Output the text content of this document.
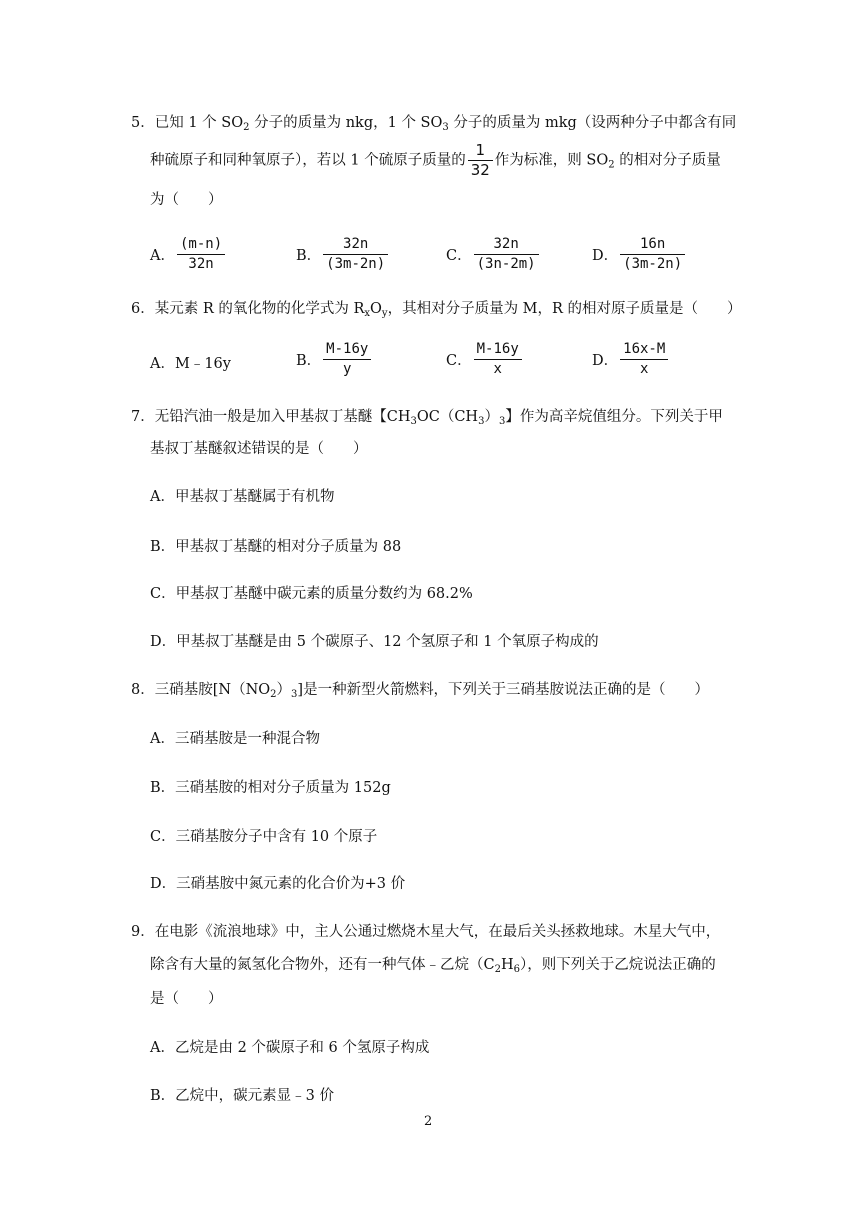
5．已知 1 个 $SO_2$ 分子的质量为 nkg，1 个 $SO_3$ 分子的质量为 mkg（设两种分子中都含有同
种硫原子和同种氧原子），若以 1 个硫原子质量的 $\frac{1}{32}$ 作为标准，则 $SO_2$ 的相对分子质量
为（　　）
A． $\frac{(m-n)}{32n}$	B． $\frac{32n}{(3m-2n)}$	C． $\frac{32n}{(3n-2m)}$	D． $\frac{16n}{(3m-2n)}$
6．某元素 R 的氧化物的化学式为 $R_xO_y$，其相对分子质量为 M，R 的相对原子质量是（　　）
A．M﹣16y	B． $\frac{M-16y}{y}$	C． $\frac{M-16y}{x}$	D． $\frac{16x-M}{x}$
7．无铅汽油一般是加入甲基叔丁基醚【$CH_3OC(CH_3)_3$】作为高辛烷值组分。下列关于甲
基叔丁基醚叙述错误的是（　　）
A．甲基叔丁基醚属于有机物
B．甲基叔丁基醚的相对分子质量为 88
C．甲基叔丁基醚中碳元素的质量分数约为 68.2%
D．甲基叔丁基醚是由 5 个碳原子、12 个氢原子和 1 个氧原子构成的
8．三硝基胺$[N(NO_2)_3]$是一种新型火箭燃料，下列关于三硝基胺说法正确的是（　　）
A．三硝基胺是一种混合物
B．三硝基胺的相对分子质量为 152g
C．三硝基胺分子中含有 10 个原子
D．三硝基胺中氮元素的化合价为+3 价
9．在电影《流浪地球》中，主人公通过燃烧木星大气，在最后关头拯救地球。木星大气中，
除含有大量的氮氢化合物外，还有一种气体﹣乙烷$(C_2H_6)$，则下列关于乙烷说法正确的
是（　　）
A．乙烷是由 2 个碳原子和 6 个氢原子构成
B．乙烷中，碳元素显﹣3 价
2
